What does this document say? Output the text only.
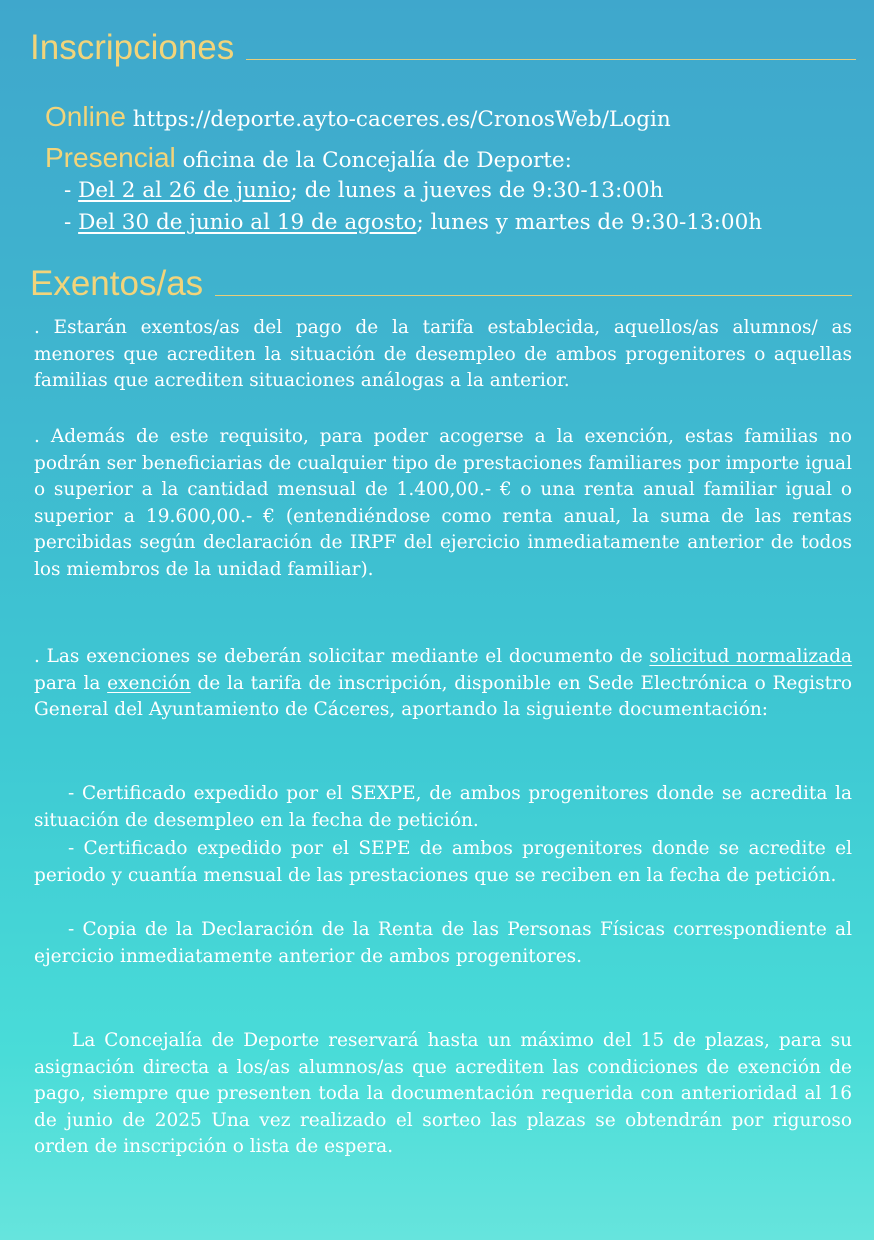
Inscripciones
Online https://deporte.ayto-caceres.es/CronosWeb/Login
Presencial oficina de la Concejalía de Deporte:
- Del 2 al 26 de junio; de lunes a jueves de 9:30-13:00h
- Del 30 de junio al 19 de agosto; lunes y martes de 9:30-13:00h
Exentos/as

. Estarán exentos/as del pago de la tarifa establecida, aquellos/as alumnos/ as menores que acrediten la situación de desempleo de ambos progenitores o aquellas familias que acrediten situaciones análogas a la anterior.

. Además de este requisito, para poder acogerse a la exención, estas familias no podrán ser beneficiarias de cualquier tipo de prestaciones familiares por importe igual o superior a la cantidad mensual de 1.400,00.- € o una renta anual familiar igual o superior a 19.600,00.- € (entendiéndose como renta anual, la suma de las rentas percibidas según declaración de IRPF del ejercicio inmediatamente anterior de todos los miembros de la unidad familiar).

. Las exenciones se deberán solicitar mediante el documento de solicitud normalizada para la exención de la tarifa de inscripción, disponible en Sede Electrónica o Registro General del Ayuntamiento de Cáceres, aportando la siguiente documentación:

- Certificado expedido por el SEXPE, de ambos progenitores donde se acredita la situación de desempleo en la fecha de petición.

- Certificado expedido por el SEPE de ambos progenitores donde se acredite el periodo y cuantía mensual de las prestaciones que se reciben en la fecha de petición.

- Copia de la Declaración de la Renta de las Personas Físicas correspondiente al ejercicio inmediatamente anterior de ambos progenitores.

La Concejalía de Deporte reservará hasta un máximo del 15 de plazas, para su asignación directa a los/as alumnos/as que acrediten las condiciones de exención de pago, siempre que presenten toda la documentación requerida con anterioridad al 16 de junio de 2025 Una vez realizado el sorteo las plazas se obtendrán por riguroso orden de inscripción o lista de espera.
